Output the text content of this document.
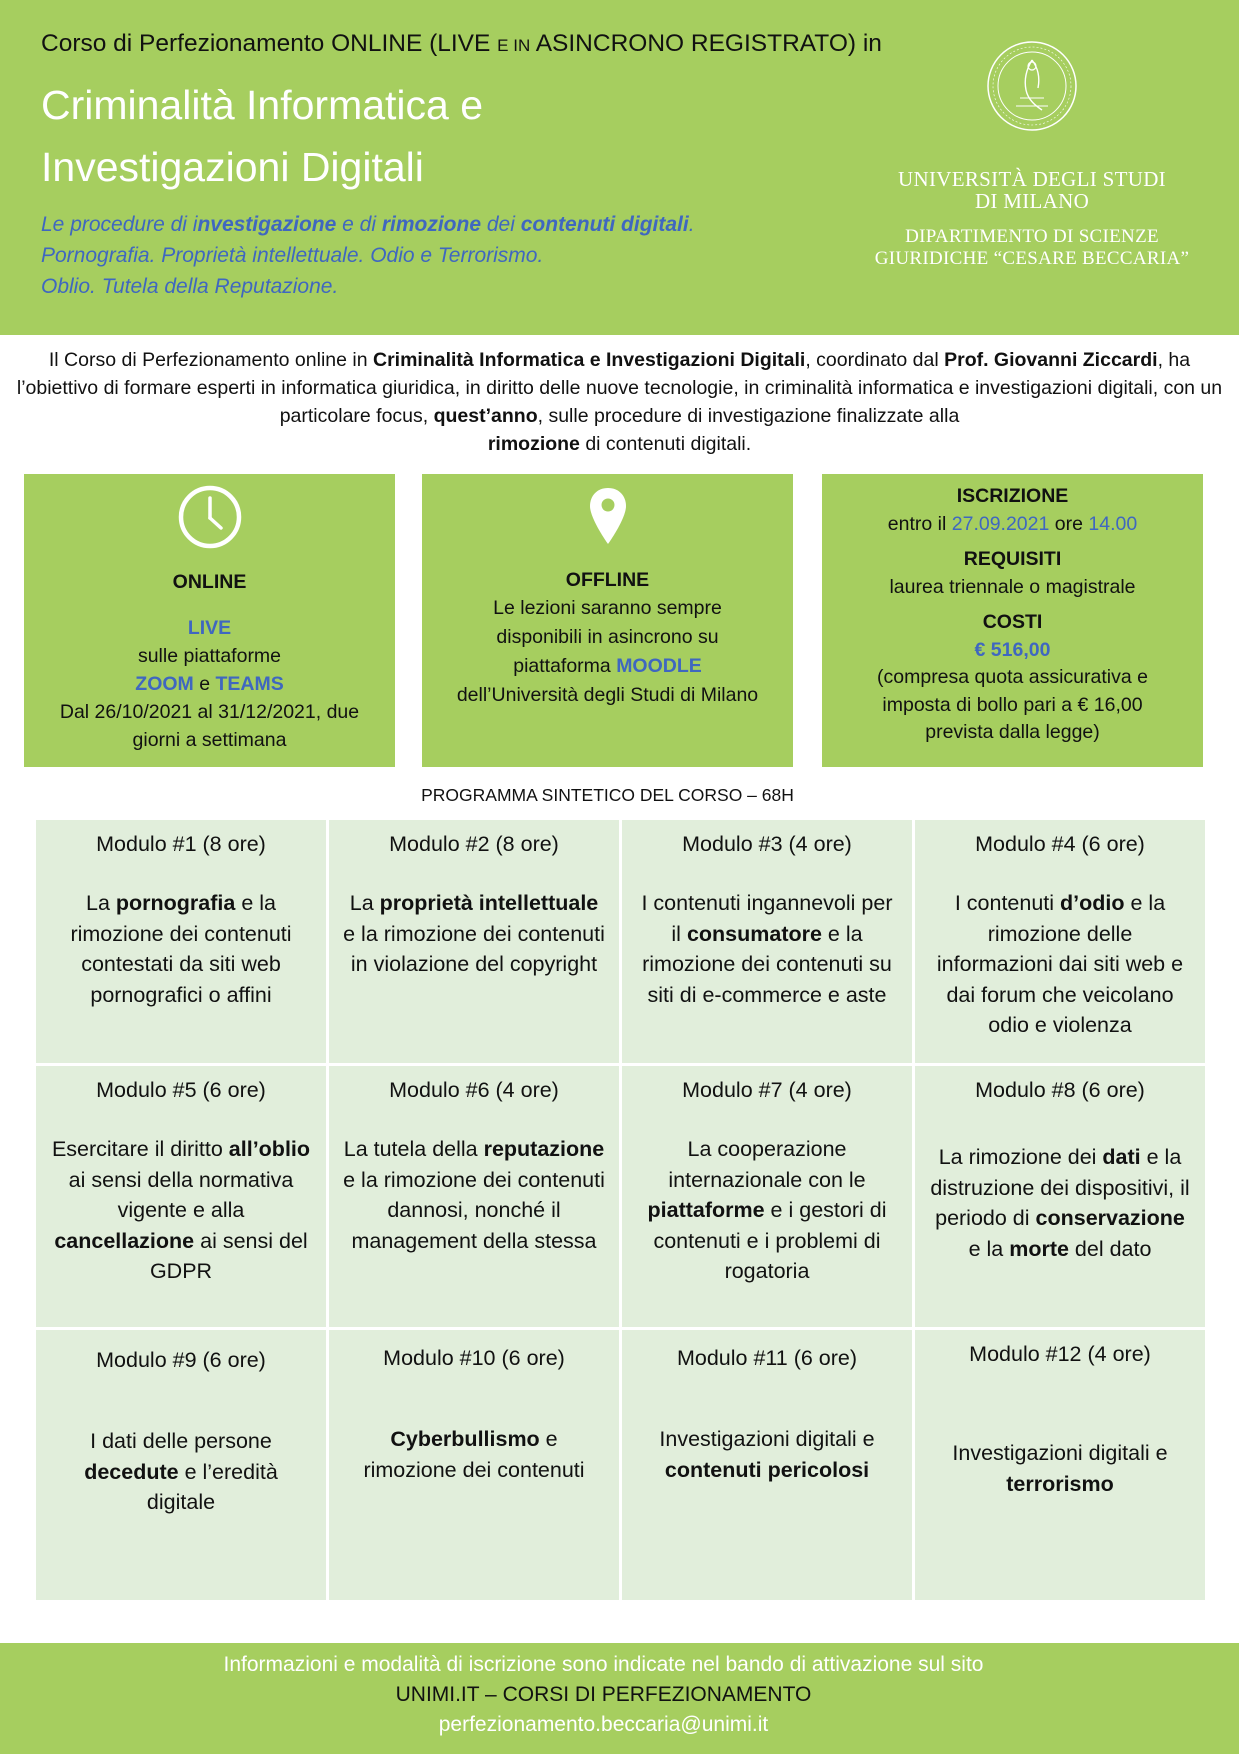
Corso di Perfezionamento ONLINE (LIVE E IN ASINCRONO REGISTRATO) in
Criminalità Informatica e
Investigazioni Digitali
Le procedure di investigazione e di rimozione dei contenuti digitali.
Pornografia. Proprietà intellettuale. Odio e Terrorismo.
Oblio. Tutela della Reputazione.
UNIVERSITÀ DEGLI STUDI
DI MILANO
DIPARTIMENTO DI SCIENZE
GIURIDICHE “CESARE BECCARIA”
Il Corso di Perfezionamento online in Criminalità Informatica e Investigazioni Digitali, coordinato dal Prof. Giovanni Ziccardi, ha l’obiettivo di formare esperti in informatica giuridica, in diritto delle nuove tecnologie, in criminalità informatica e investigazioni digitali, con un particolare focus, quest’anno, sulle procedure di investigazione finalizzate alla
rimozione di contenuti digitali.
ONLINE
LIVE
sulle piattaforme
ZOOM e TEAMS
Dal 26/10/2021 al 31/12/2021, due
giorni a settimana
OFFLINE
Le lezioni saranno sempre
disponibili in asincrono su
piattaforma MOODLE
dell’Università degli Studi di Milano
ISCRIZIONE
entro il 27.09.2021 ore 14.00
REQUISITI
laurea triennale o magistrale
COSTI
€ 516,00
(compresa quota assicurativa e
imposta di bollo pari a € 16,00
prevista dalla legge)
PROGRAMMA SINTETICO DEL CORSO – 68H
Modulo #1 (8 ore)
La pornografia e la rimozione dei contenuti contestati da siti web pornografici o affini
Modulo #2 (8 ore)
La proprietà intellettuale e la rimozione dei contenuti in violazione del copyright
Modulo #3 (4 ore)
I contenuti ingannevoli per il consumatore e la rimozione dei contenuti su siti di e-commerce e aste
Modulo #4 (6 ore)
I contenuti d’odio e la rimozione delle informazioni dai siti web e dai forum che veicolano odio e violenza
Modulo #5 (6 ore)
Esercitare il diritto all’oblio ai sensi della normativa vigente e alla cancellazione ai sensi del GDPR
Modulo #6 (4 ore)
La tutela della reputazione e la rimozione dei contenuti dannosi, nonché il management della stessa
Modulo #7 (4 ore)
La cooperazione internazionale con le piattaforme e i gestori di contenuti e i problemi di rogatoria
Modulo #8 (6 ore)
La rimozione dei dati e la distruzione dei dispositivi, il periodo di conservazione e la morte del dato
Modulo #9 (6 ore)
I dati delle persone decedute e l’eredità digitale
Modulo #10 (6 ore)
Cyberbullismo e rimozione dei contenuti
Modulo #11 (6 ore)
Investigazioni digitali e
contenuti pericolosi
Modulo #12 (4 ore)
Investigazioni digitali e
terrorismo
Informazioni e modalità di iscrizione sono indicate nel bando di attivazione sul sito
UNIMI.IT – CORSI DI PERFEZIONAMENTO
perfezionamento.beccaria@unimi.it
